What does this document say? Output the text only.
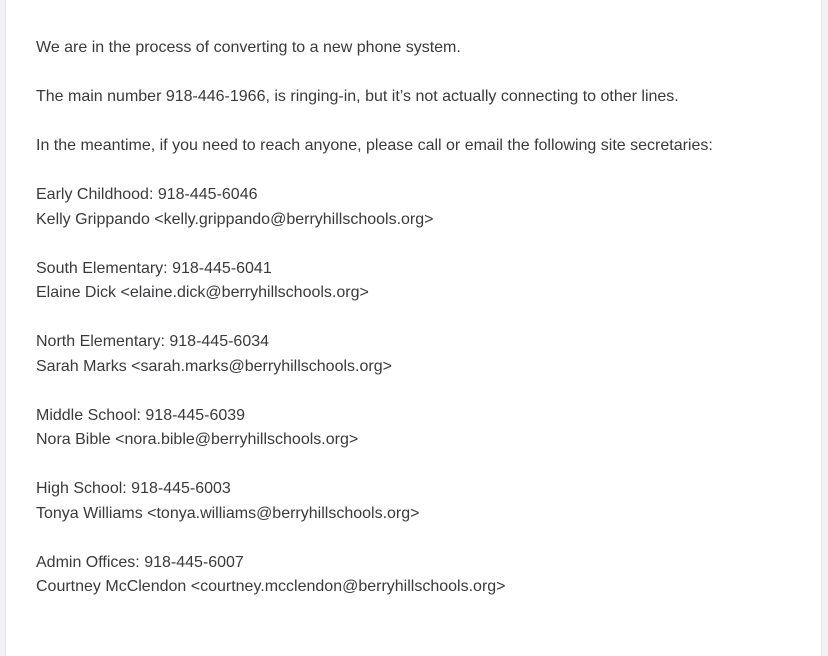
We are in the process of converting to a new phone system.

The main number 918-446-1966, is ringing-in, but it’s not actually connecting to other lines.

In the meantime, if you need to reach anyone, please call or email the following site secretaries:

Early Childhood: 918-445-6046
Kelly Grippando <kelly.grippando@berryhillschools.org>
South Elementary: 918-445-6041
Elaine Dick <elaine.dick@berryhillschools.org>
North Elementary: 918-445-6034
Sarah Marks <sarah.marks@berryhillschools.org>
Middle School: 918-445-6039
Nora Bible <nora.bible@berryhillschools.org>
High School: 918-445-6003
Tonya Williams <tonya.williams@berryhillschools.org>
Admin Offices: 918-445-6007
Courtney McClendon <courtney.mcclendon@berryhillschools.org>
